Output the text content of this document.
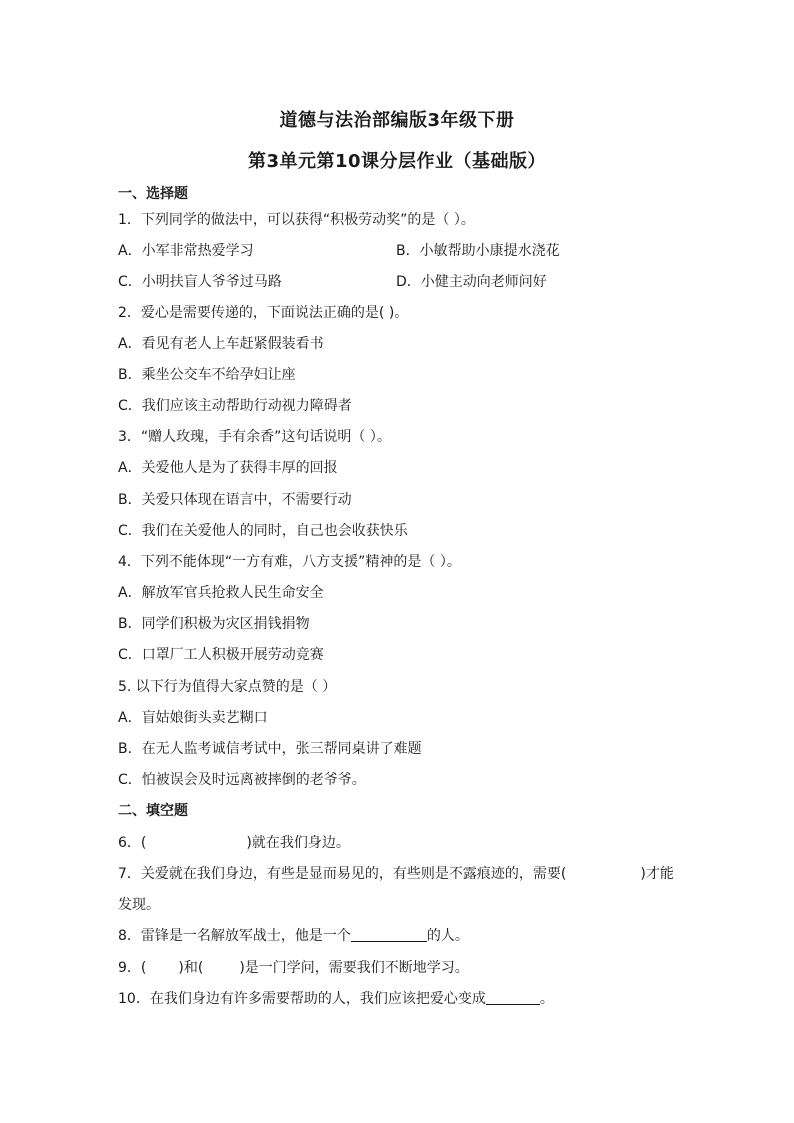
道德与法治部编版3年级下册
第3单元第10课分层作业（基础版）
一、选择题
1．下列同学的做法中，可以获得“积极劳动奖”的是（ ）。
A．小军非常热爱学习	B．小敏帮助小康提水浇花
C．小明扶盲人爷爷过马路	D．小健主动向老师问好
2．爱心是需要传递的，下面说法正确的是( )。
A．看见有老人上车赶紧假装看书
B．乘坐公交车不给孕妇让座
C．我们应该主动帮助行动视力障碍者
3．“赠人玫瑰，手有余香”这句话说明（ ）。
A．关爱他人是为了获得丰厚的回报
B．关爱只体现在语言中，不需要行动
C．我们在关爱他人的同时，自己也会收获快乐
4．下列不能体现“一方有难，八方支援”精神的是（ ）。
A．解放军官兵抢救人民生命安全
B．同学们积极为灾区捐钱捐物
C．口罩厂工人积极开展劳动竞赛
5. 以下行为值得大家点赞的是（ ）
A．盲姑娘街头卖艺糊口
B．在无人监考诚信考试中，张三帮同桌讲了难题
C．怕被误会及时远离被摔倒的老爷爷。
二、填空题
6．(	)就在我们身边。
7．关爱就在我们身边，有些是显而易见的，有些则是不露痕迹的，需要(	)才能
发现。
8．雷锋是一名解放军战士，他是一个	的人。
9．( )和(	)是一门学问，需要我们不断地学习。
10．在我们身边有许多需要帮助的人，我们应该把爱心变成	。
